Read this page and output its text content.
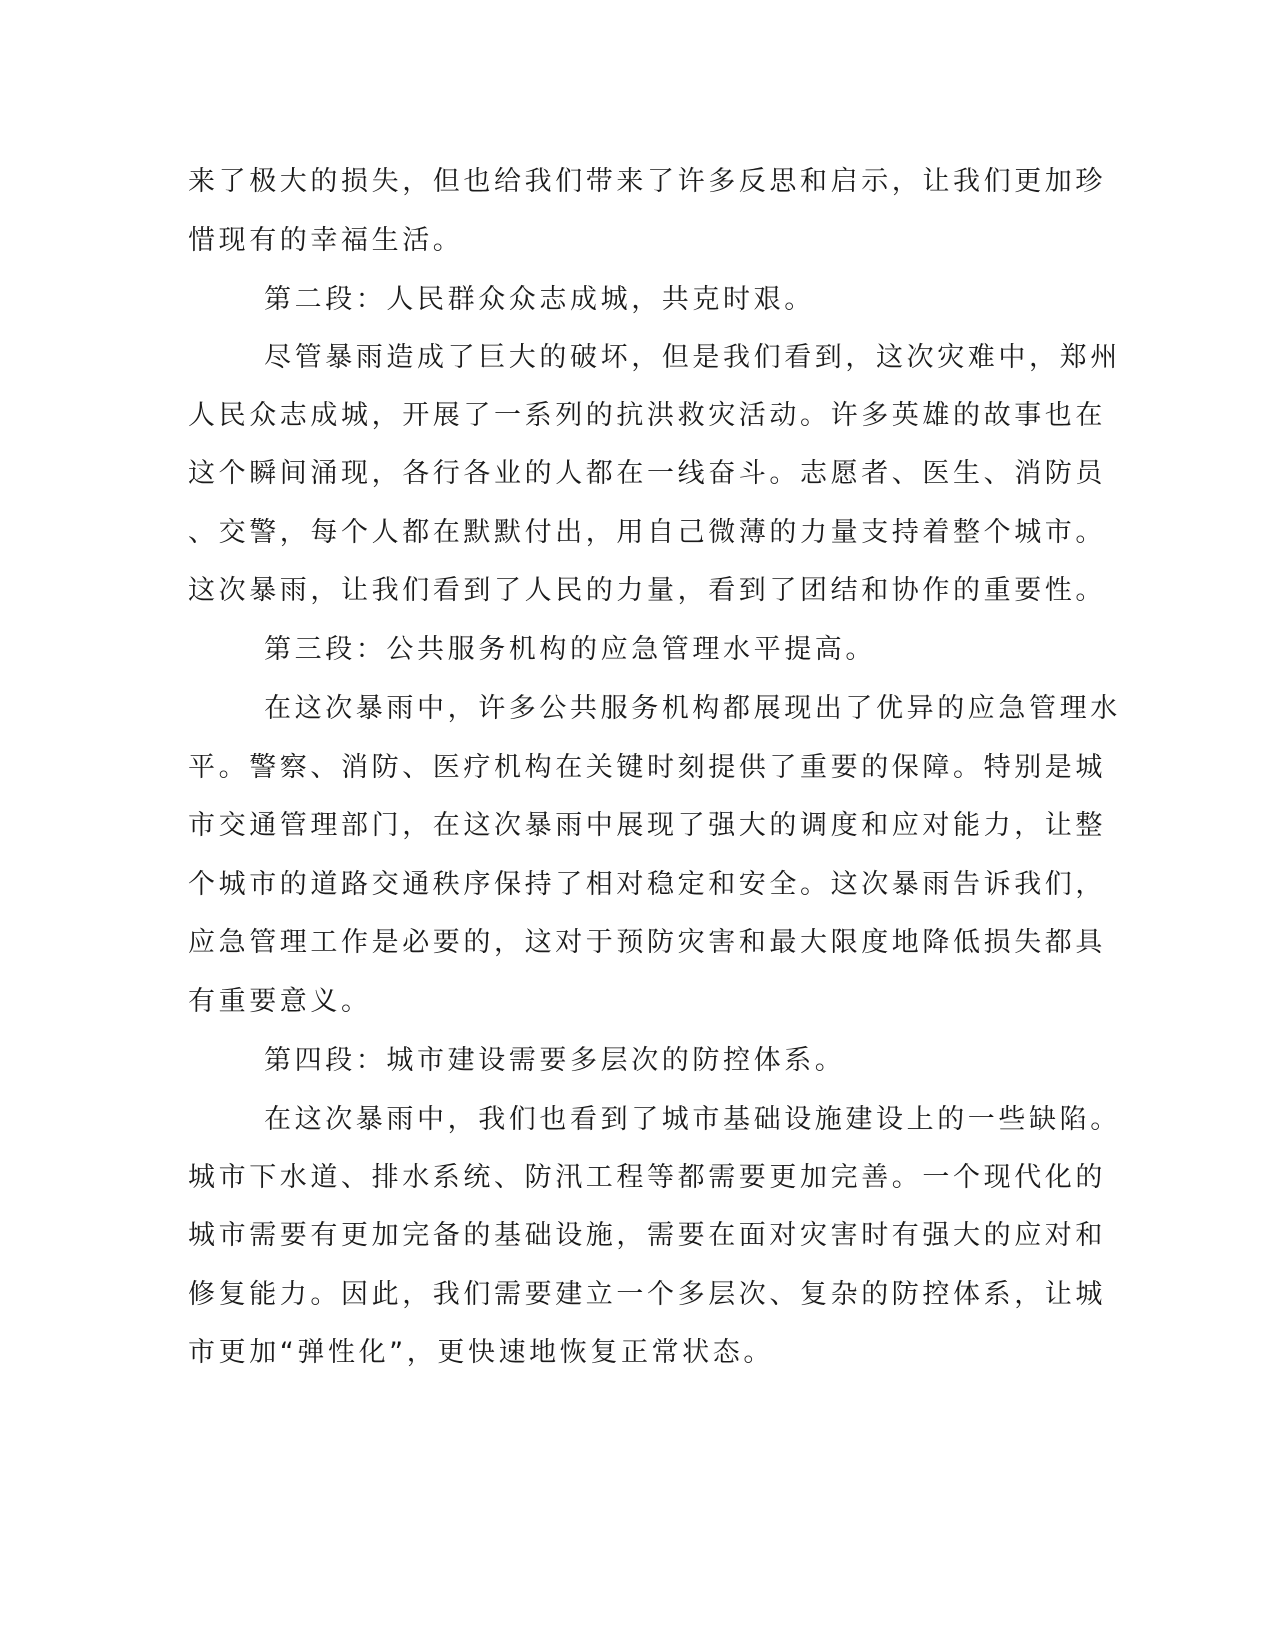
来了极大的损失，但也给我们带来了许多反思和启示，让我们更加珍
惜现有的幸福生活。
第二段：人民群众众志成城，共克时艰。
尽管暴雨造成了巨大的破坏，但是我们看到，这次灾难中，郑州
人民众志成城，开展了一系列的抗洪救灾活动。许多英雄的故事也在
这个瞬间涌现，各行各业的人都在一线奋斗。志愿者、医生、消防员
、交警，每个人都在默默付出，用自己微薄的力量支持着整个城市。
这次暴雨，让我们看到了人民的力量，看到了团结和协作的重要性。
第三段：公共服务机构的应急管理水平提高。
在这次暴雨中，许多公共服务机构都展现出了优异的应急管理水
平。警察、消防、医疗机构在关键时刻提供了重要的保障。特别是城
市交通管理部门，在这次暴雨中展现了强大的调度和应对能力，让整
个城市的道路交通秩序保持了相对稳定和安全。这次暴雨告诉我们，
应急管理工作是必要的，这对于预防灾害和最大限度地降低损失都具
有重要意义。
第四段：城市建设需要多层次的防控体系。
在这次暴雨中，我们也看到了城市基础设施建设上的一些缺陷。
城市下水道、排水系统、防汛工程等都需要更加完善。一个现代化的
城市需要有更加完备的基础设施，需要在面对灾害时有强大的应对和
修复能力。因此，我们需要建立一个多层次、复杂的防控体系，让城
市更加“弹性化”，更快速地恢复正常状态。
